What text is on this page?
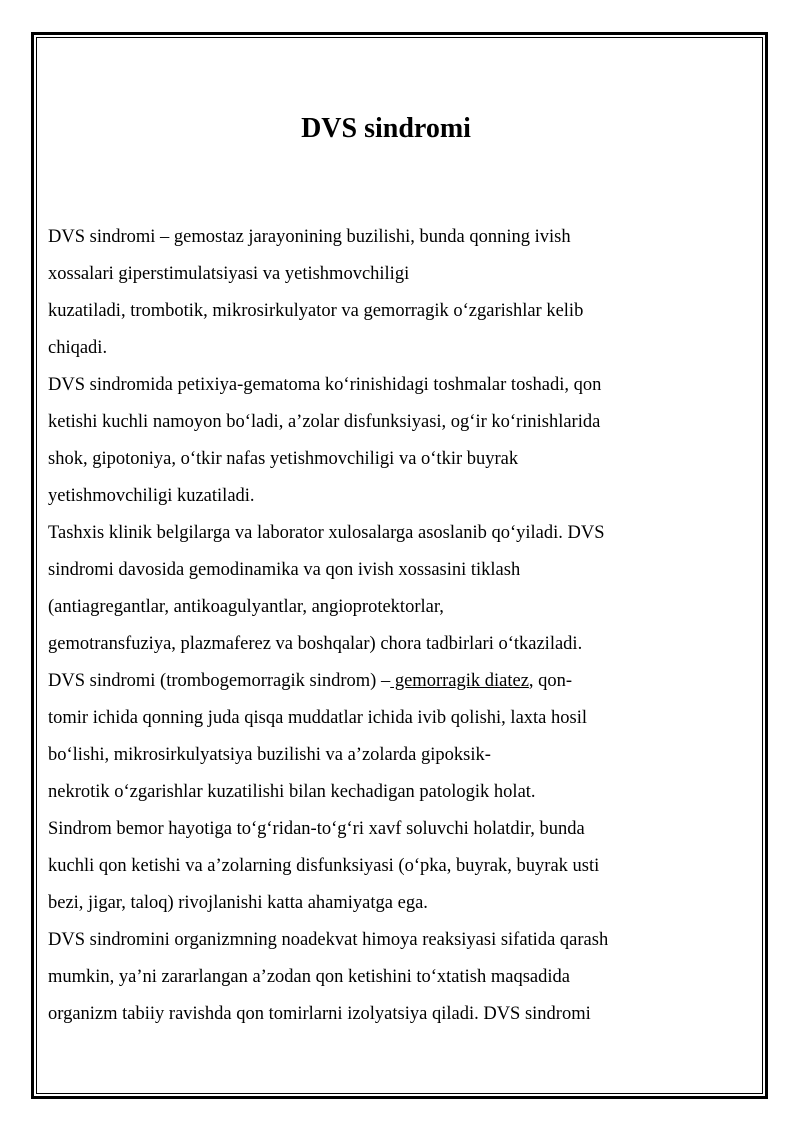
DVS sindromi
DVS sindromi – gemostaz jarayonining buzilishi, bunda qonning ivish
xossalari giperstimulatsiyasi va yetishmovchiligi
kuzatiladi, trombotik, mikrosirkulyator va gemorragik o‘zgarishlar kelib
chiqadi.
DVS sindromida petixiya-gematoma ko‘rinishidagi toshmalar toshadi, qon
ketishi kuchli namoyon bo‘ladi, a’zolar disfunksiyasi, og‘ir ko‘rinishlarida
shok, gipotoniya, o‘tkir nafas yetishmovchiligi va o‘tkir buyrak
yetishmovchiligi kuzatiladi.
Tashxis klinik belgilarga va laborator xulosalarga asoslanib qo‘yiladi. DVS
sindromi davosida gemodinamika va qon ivish xossasini tiklash
(antiagregantlar, antikoagulyantlar, angioprotektorlar,
gemotransfuziya, plazmaferez va boshqalar) chora tadbirlari o‘tkaziladi.
DVS sindromi (trombogemorragik sindrom) – gemorragik diatez, qon-
tomir ichida qonning juda qisqa muddatlar ichida ivib qolishi, laxta hosil
bo‘lishi, mikrosirkulyatsiya buzilishi va a’zolarda gipoksik-
nekrotik o‘zgarishlar kuzatilishi bilan kechadigan patologik holat.
Sindrom bemor hayotiga to‘g‘ridan-to‘g‘ri xavf soluvchi holatdir, bunda
kuchli qon ketishi va a’zolarning disfunksiyasi (o‘pka, buyrak, buyrak usti
bezi, jigar, taloq) rivojlanishi katta ahamiyatga ega.
DVS sindromini organizmning noadekvat himoya reaksiyasi sifatida qarash
mumkin, ya’ni zararlangan a’zodan qon ketishini to‘xtatish maqsadida
organizm tabiiy ravishda qon tomirlarni izolyatsiya qiladi. DVS sindromi
